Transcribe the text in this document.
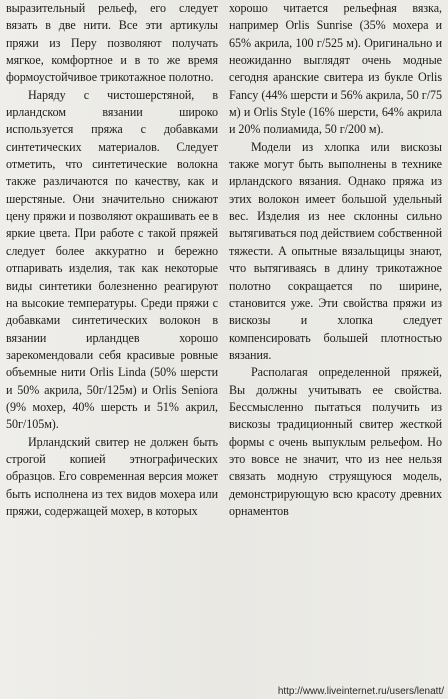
выразительный рельеф, его следует вязать в две нити. Все эти артикулы пряжи из Перу позволяют получать мягкое, комфортное и в то же время формоустойчивое трикотажное полотно.

Наряду с чистошерстяной, в ирландском вязании широко используется пряжа с добавками синтетических материалов. Следует отметить, что синтетические волокна также различаются по качеству, как и шерстяные. Они значительно снижают цену пряжи и позволяют окрашивать ее в яркие цвета. При работе с такой пряжей следует более аккуратно и бережно отпаривать изделия, так как некоторые виды синтетики болезненно реагируют на высокие температуры. Среди пряжи с добавками синтетических волокон в вязании ирландцев хорошо зарекомендовали себя красивые ровные объемные нити Orlis Linda (50% шерсти и 50% акрила, 50г/125м) и Orlis Seniora (9% мохер, 40% шерсть и 51% акрил, 50г/105м).

Ирландский свитер не должен быть строгой копией этнографических образцов. Его современная версия может быть исполнена из тех видов мохера или пряжи, содержащей мохер, в которых

хорошо читается рельефная вязка, например Orlis Sunrise (35% мохера и 65% акрила, 100 г/525 м). Оригинально и неожиданно выглядят очень модные сегодня аранские свитера из букле Orlis Fancy (44% шерсти и 56% акрила, 50 г/75 м) и Orlis Style (16% шерсти, 64% акрила и 20% полиамида, 50 г/200 м).

Модели из хлопка или вискозы также могут быть выполнены в технике ирландского вязания. Однако пряжа из этих волокон имеет большой удельный вес. Изделия из нее склонны сильно вытягиваться под действием собственной тяжести. А опытные вязальщицы знают, что вытягиваясь в длину трикотажное полотно сокращается по ширине, становится уже. Эти свойства пряжи из вискозы и хлопка следует компенсировать большей плотностью вязания.

Располагая определенной пряжей, Вы должны учитывать ее свойства. Бессмысленно пытаться получить из вискозы традиционный свитер жесткой формы с очень выпуклым рельефом. Но это вовсе не значит, что из нее нельзя связать модную струящуюся модель, демонстрирующую всю красоту древних орнаментов

http://www.liveinternet.ru/users/lenatt/
